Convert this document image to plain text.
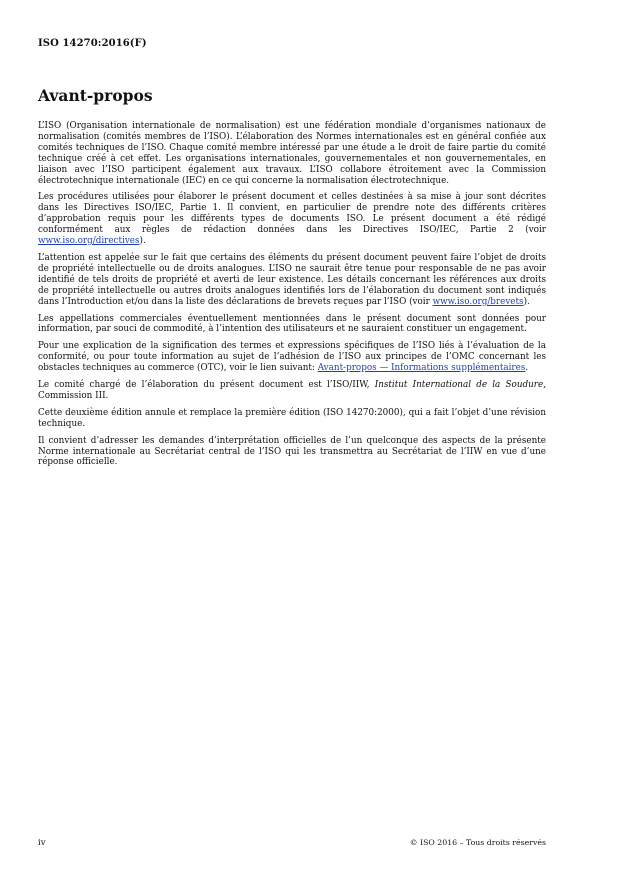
ISO 14270:2016(F)
Avant-propos

L’ISO (Organisation internationale de normalisation) est une fédération mondiale d’organismes nationaux de normalisation (comités membres de l’ISO). L’élaboration des Normes internationales est en général confiée aux comités techniques de l’ISO. Chaque comité membre intéressé par une étude a le droit de faire partie du comité technique créé à cet effet. Les organisations internationales, gouvernementales et non gouvernementales, en liaison avec l’ISO participent également aux travaux. L’ISO collabore étroitement avec la Commission électrotechnique internationale (IEC) en ce qui concerne la normalisation électrotechnique.

Les procédures utilisées pour élaborer le présent document et celles destinées à sa mise à jour sont décrites dans les Directives ISO/IEC, Partie 1. Il convient, en particulier de prendre note des différents critères d’approbation requis pour les différents types de documents ISO. Le présent document a été rédigé conformément aux règles de rédaction données dans les Directives ISO/IEC, Partie 2 (voir www.iso.org/directives).

L’attention est appelée sur le fait que certains des éléments du présent document peuvent faire l’objet de droits de propriété intellectuelle ou de droits analogues. L’ISO ne saurait être tenue pour responsable de ne pas avoir identifié de tels droits de propriété et averti de leur existence. Les détails concernant les références aux droits de propriété intellectuelle ou autres droits analogues identifiés lors de l’élaboration du document sont indiqués dans l’Introduction et/ou dans la liste des déclarations de brevets reçues par l’ISO (voir www.iso.org/brevets).

Les appellations commerciales éventuellement mentionnées dans le présent document sont données pour information, par souci de commodité, à l’intention des utilisateurs et ne sauraient constituer un engagement.

Pour une explication de la signification des termes et expressions spécifiques de l’ISO liés à l’évaluation de la conformité, ou pour toute information au sujet de l’adhésion de l’ISO aux principes de l’OMC concernant les obstacles techniques au commerce (OTC), voir le lien suivant: Avant-propos — Informations supplémentaires.

Le comité chargé de l’élaboration du présent document est l’ISO/IIW, Institut International de la Soudure, Commission III.

Cette deuxième édition annule et remplace la première édition (ISO 14270:2000), qui a fait l’objet d’une révision technique.

Il convient d’adresser les demandes d’interprétation officielles de l’un quelconque des aspects de la présente Norme internationale au Secrétariat central de l’ISO qui les transmettra au Secrétariat de l’IIW en vue d’une réponse officielle.

iv	© ISO 2016 – Tous droits réservés
